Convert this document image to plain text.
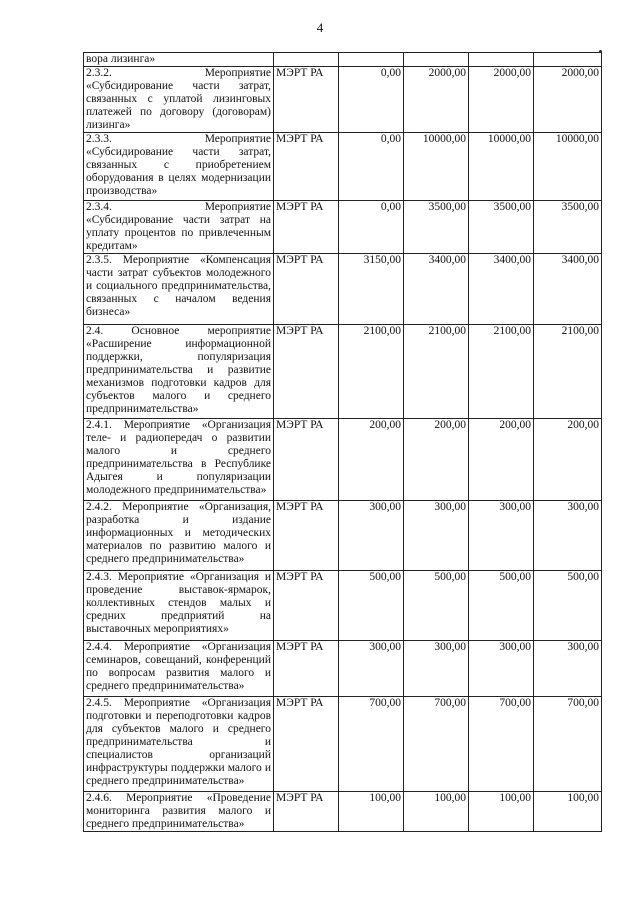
4
вора лизинга»					
2.3.2. Мероприятие «Субсидирование части затрат, связанных с уплатой лизинговых платежей по договору (договорам) лизинга»	МЭРТ РА	0,00	2000,00	2000,00	2000,00
2.3.3. Мероприятие «Субсидирование части затрат, связанных с приобретением оборудования в целях модернизации производства»	МЭРТ РА	0,00	10000,00	10000,00	10000,00
2.3.4. Мероприятие «Субсидирование части затрат на уплату процентов по привлеченным кредитам»	МЭРТ РА	0,00	3500,00	3500,00	3500,00
2.3.5. Мероприятие «Компенсация части затрат субъектов молодежного и социального предпринимательства, связанных с началом ведения бизнеса»	МЭРТ РА	3150,00	3400,00	3400,00	3400,00
2.4. Основное мероприятие «Расширение информационной поддержки, популяризация предпринимательства и развитие механизмов подготовки кадров для субъектов малого и среднего предпринимательства»	МЭРТ РА	2100,00	2100,00	2100,00	2100,00
2.4.1. Мероприятие «Организация теле- и радиопередач о развитии малого и среднего предпринимательства в Республике Адыгея и популяризации молодежного предпринимательства»	МЭРТ РА	200,00	200,00	200,00	200,00
2.4.2. Мероприятие «Организация, разработка и издание информационных и методических материалов по развитию малого и среднего предпринимательства»	МЭРТ РА	300,00	300,00	300,00	300,00
2.4.3. Мероприятие «Организация и проведение выставок-ярмарок, коллективных стендов малых и средних предприятий на выставочных мероприятиях»	МЭРТ РА	500,00	500,00	500,00	500,00
2.4.4. Мероприятие «Организация семинаров, совещаний, конференций по вопросам развития малого и среднего предпринимательства»	МЭРТ РА	300,00	300,00	300,00	300,00
2.4.5. Мероприятие «Организация подготовки и переподготовки кадров для субъектов малого и среднего предпринимательства и специалистов организаций инфраструктуры поддержки малого и среднего предпринимательства»	МЭРТ РА	700,00	700,00	700,00	700,00
2.4.6. Мероприятие «Проведение мониторинга развития малого и среднего предпринимательства»	МЭРТ РА	100,00	100,00	100,00	100,00
